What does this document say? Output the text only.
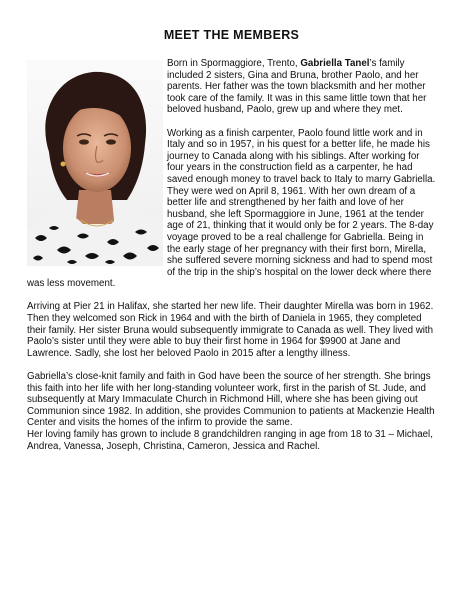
MEET THE MEMBERS

Born in Spormaggiore, Trento, Gabriella Tanel’s family included 2 sisters, Gina and Bruna, brother Paolo, and her parents. Her father was the town blacksmith and her mother took care of the family. It was in this same little town that her beloved husband, Paolo, grew up and where they met.

Working as a finish carpenter, Paolo found little work and in Italy and so in 1957, in his quest for a better life, he made his journey to Canada along with his siblings. After working for four years in the construction field as a carpenter, he had saved enough money to travel back to Italy to marry Gabriella. They were wed on April 8, 1961. With her own dream of a better life and strengthened by her faith and love of her husband, she left Spormaggiore in June, 1961 at the tender age of 21, thinking that it would only be for 2 years. The 8-day voyage proved to be a real challenge for Gabriella. Being in the early stage of her pregnancy with their first born, Mirella, she suffered severe morning sickness and had to spend most of the trip in the ship’s hospital on the lower deck where there was less movement.

Arriving at Pier 21 in Halifax, she started her new life. Their daughter Mirella was born in 1962. Then they welcomed son Rick in 1964 and with the birth of Daniela in 1965, they completed their family. Her sister Bruna would subsequently immigrate to Canada as well. They lived with Paolo’s sister until they were able to buy their first home in 1964 for $9900 at Jane and Lawrence. Sadly, she lost her beloved Paolo in 2015 after a lengthy illness.

Gabriella’s close-knit family and faith in God have been the source of her strength. She brings this faith into her life with her long-standing volunteer work, first in the parish of St. Jude, and subsequently at Mary Immaculate Church in Richmond Hill, where she has been giving out Communion since 1982. In addition, she provides Communion to patients at Mackenzie Health Center and visits the homes of the infirm to provide the same.

Her loving family has grown to include 8 grandchildren ranging in age from 18 to 31 – Michael, Andrea, Vanessa, Joseph, Christina, Cameron, Jessica and Rachel.
